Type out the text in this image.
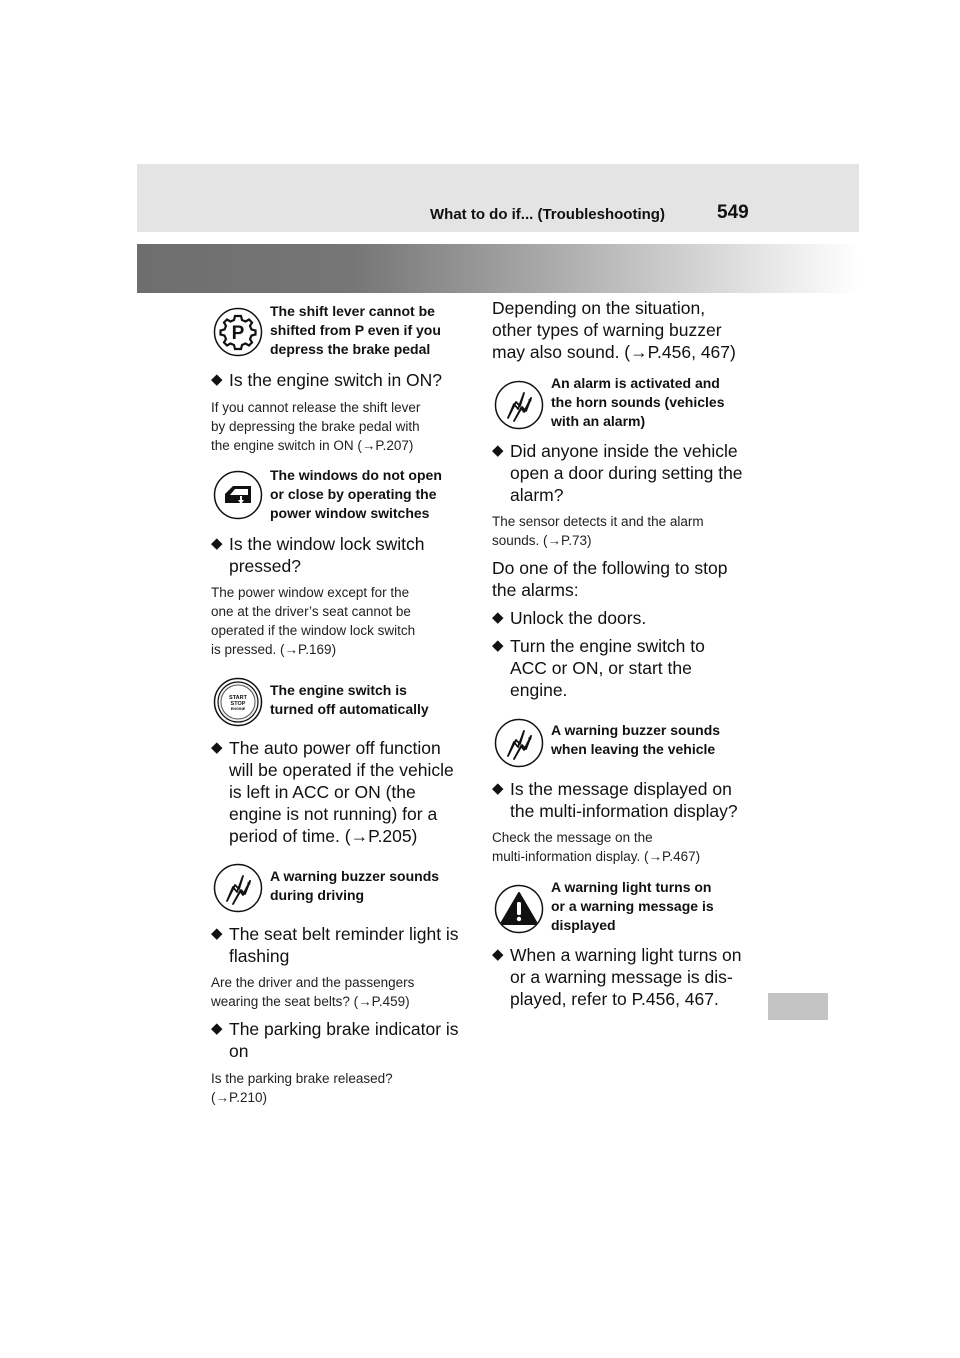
What to do if... (Troubleshooting)	549
P
The shift lever cannot be
shifted from P even if you
depress the brake pedal
◆ Is the engine switch in ON?
If you cannot release the shift lever
by depressing the brake pedal with
the engine switch in ON (→P.207)
The windows do not open
or close by operating the
power window switches
◆ Is the window lock switch
pressed?
The power window except for the
one at the driver’s seat cannot be
operated if the window lock switch
is pressed. (→P.169)
START
STOP
ENGINE
The engine switch is
turned off automatically
◆ The auto power off function
will be operated if the vehicle
is left in ACC or ON (the
engine is not running) for a
period of time. (→P.205)
A warning buzzer sounds
during driving
◆ The seat belt reminder light is
flashing
Are the driver and the passengers
wearing the seat belts? (→P.459)
◆ The parking brake indicator is
on
Is the parking brake released?
(→P.210)
Depending on the situation,
other types of warning buzzer
may also sound. (→P.456, 467)
An alarm is activated and
the horn sounds (vehicles
with an alarm)
◆ Did anyone inside the vehicle
open a door during setting the
alarm?
The sensor detects it and the alarm
sounds. (→P.73)
Do one of the following to stop
the alarms:
◆ Unlock the doors.
◆ Turn the engine switch to
ACC or ON, or start the
engine.
A warning buzzer sounds
when leaving the vehicle
◆ Is the message displayed on
the multi-information display?
Check the message on the
multi-information display. (→P.467)
A warning light turns on
or a warning message is
displayed
◆ When a warning light turns on
or a warning message is dis-
played, refer to P.456, 467.
